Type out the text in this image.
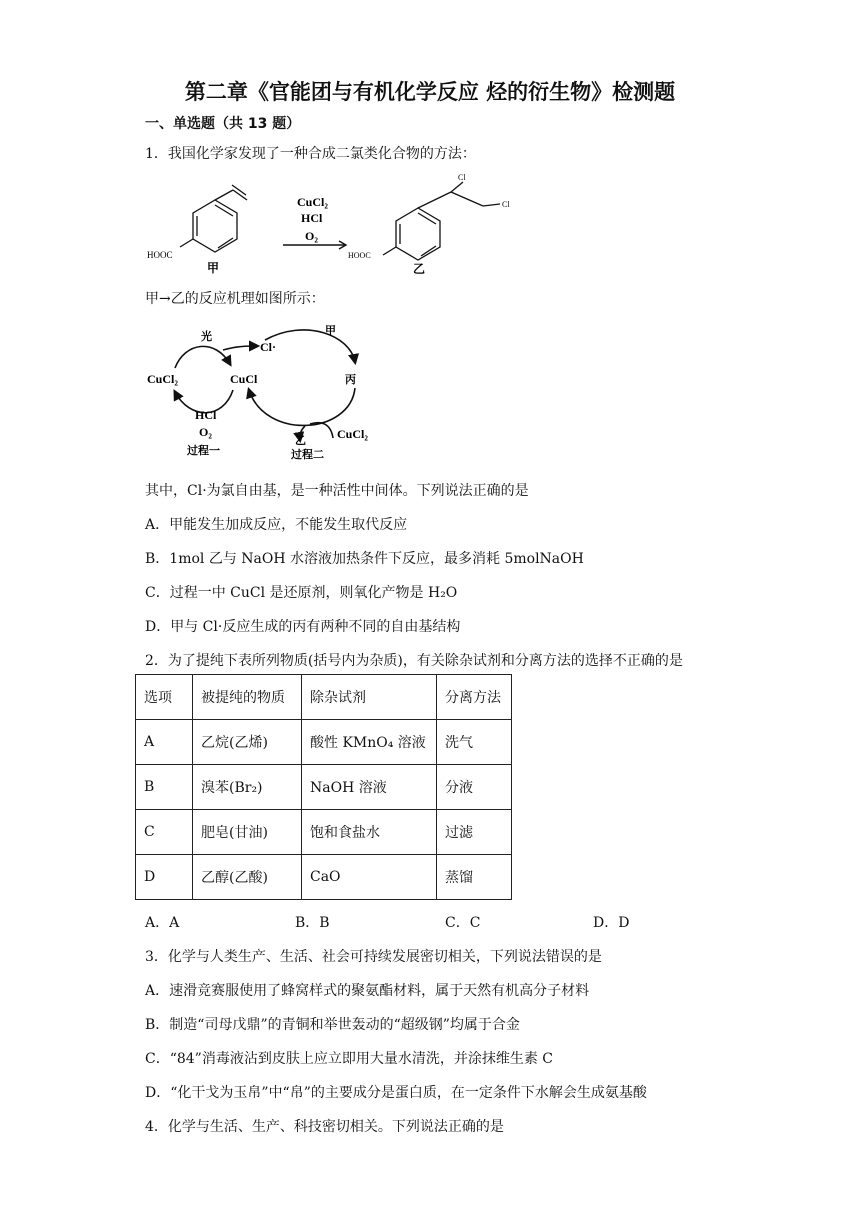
第二章《官能团与有机化学反应 烃的衍生物》检测题
一、单选题（共 13 题）
1．我国化学家发现了一种合成二氯类化合物的方法：
HOOC
甲
CuCl₂
HCl
O₂
Cl
Cl
HOOC
乙
甲→乙的反应机理如图所示：
光
Cl·
甲
CuCl₂	CuCl	丙
HCl
O₂
过程一
乙	CuCl₂
过程二
其中，Cl·为氯自由基，是一种活性中间体。下列说法正确的是
A．甲能发生加成反应，不能发生取代反应
B．1mol 乙与 NaOH 水溶液加热条件下反应，最多消耗 5molNaOH
C．过程一中 CuCl 是还原剂，则氧化产物是 H₂O
D．甲与 Cl·反应生成的丙有两种不同的自由基结构
2．为了提纯下表所列物质(括号内为杂质)，有关除杂试剂和分离方法的选择不正确的是
选项	被提纯的物质	除杂试剂	分离方法
A	乙烷(乙烯)	酸性 KMnO₄ 溶液	洗气
B	溴苯(Br₂)	NaOH 溶液	分液
C	肥皂(甘油)	饱和食盐水	过滤
D	乙醇(乙酸)	CaO	蒸馏
A．A	B．B	C．C	D．D
3．化学与人类生产、生活、社会可持续发展密切相关，下列说法错误的是
A．速滑竞赛服使用了蜂窝样式的聚氨酯材料，属于天然有机高分子材料
B．制造“司母戊鼎”的青铜和举世轰动的“超级钢”均属于合金
C．“84”消毒液沾到皮肤上应立即用大量水清洗，并涂抹维生素 C
D．“化干戈为玉帛”中“帛”的主要成分是蛋白质，在一定条件下水解会生成氨基酸
4．化学与生活、生产、科技密切相关。下列说法正确的是
